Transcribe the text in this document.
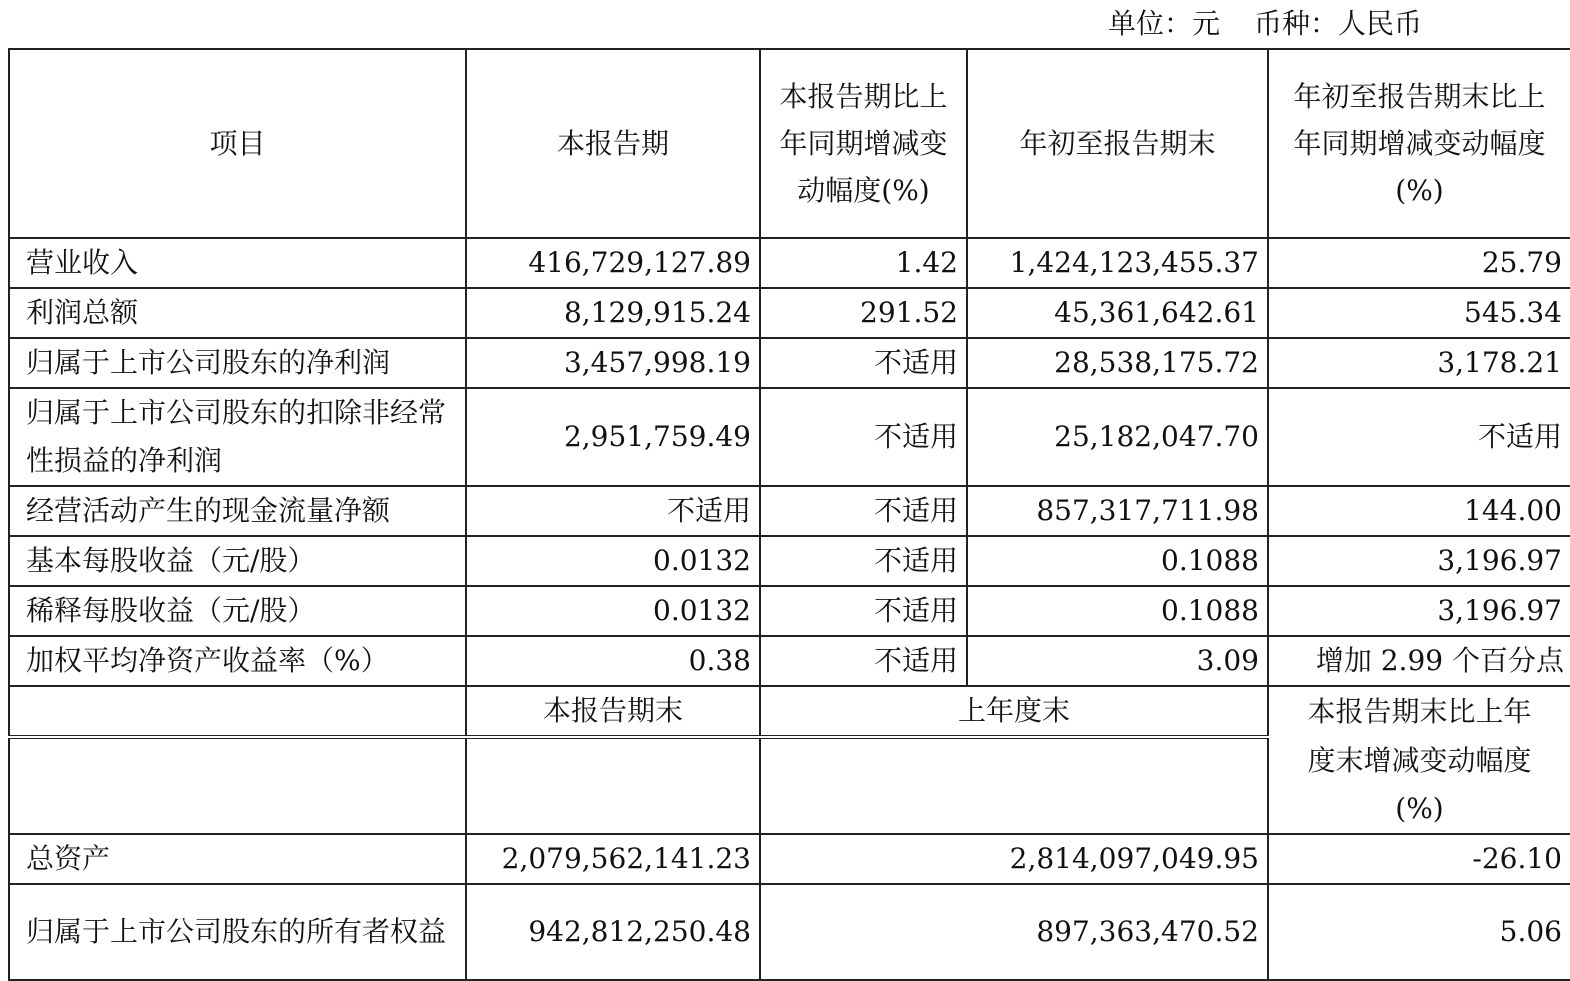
单位：元 币种：人民币
项目	本报告期	本报告期比上年同期增减变动幅度(%)	年初至报告期末	年初至报告期末比上年同期增减变动幅度(%)
营业收入	416,729,127.89	1.42	1,424,123,455.37	25.79
利润总额	8,129,915.24	291.52	45,361,642.61	545.34
归属于上市公司股东的净利润	3,457,998.19	不适用	28,538,175.72	3,178.21
归属于上市公司股东的扣除非经常性损益的净利润	2,951,759.49	不适用	25,182,047.70	不适用
经营活动产生的现金流量净额	不适用	不适用	857,317,711.98	144.00
基本每股收益（元/股）	0.0132	不适用	0.1088	3,196.97
稀释每股收益（元/股）	0.0132	不适用	0.1088	3,196.97
加权平均净资产收益率（%）	0.38	不适用	3.09	增加 2.99 个百分点
	本报告期末	上年度末		本报告期末比上年
				度末增减变动幅度(%)
总资产	2,079,562,141.23	2,814,097,049.95		-26.10
归属于上市公司股东的所有者权益	942,812,250.48	897,363,470.52		5.06
